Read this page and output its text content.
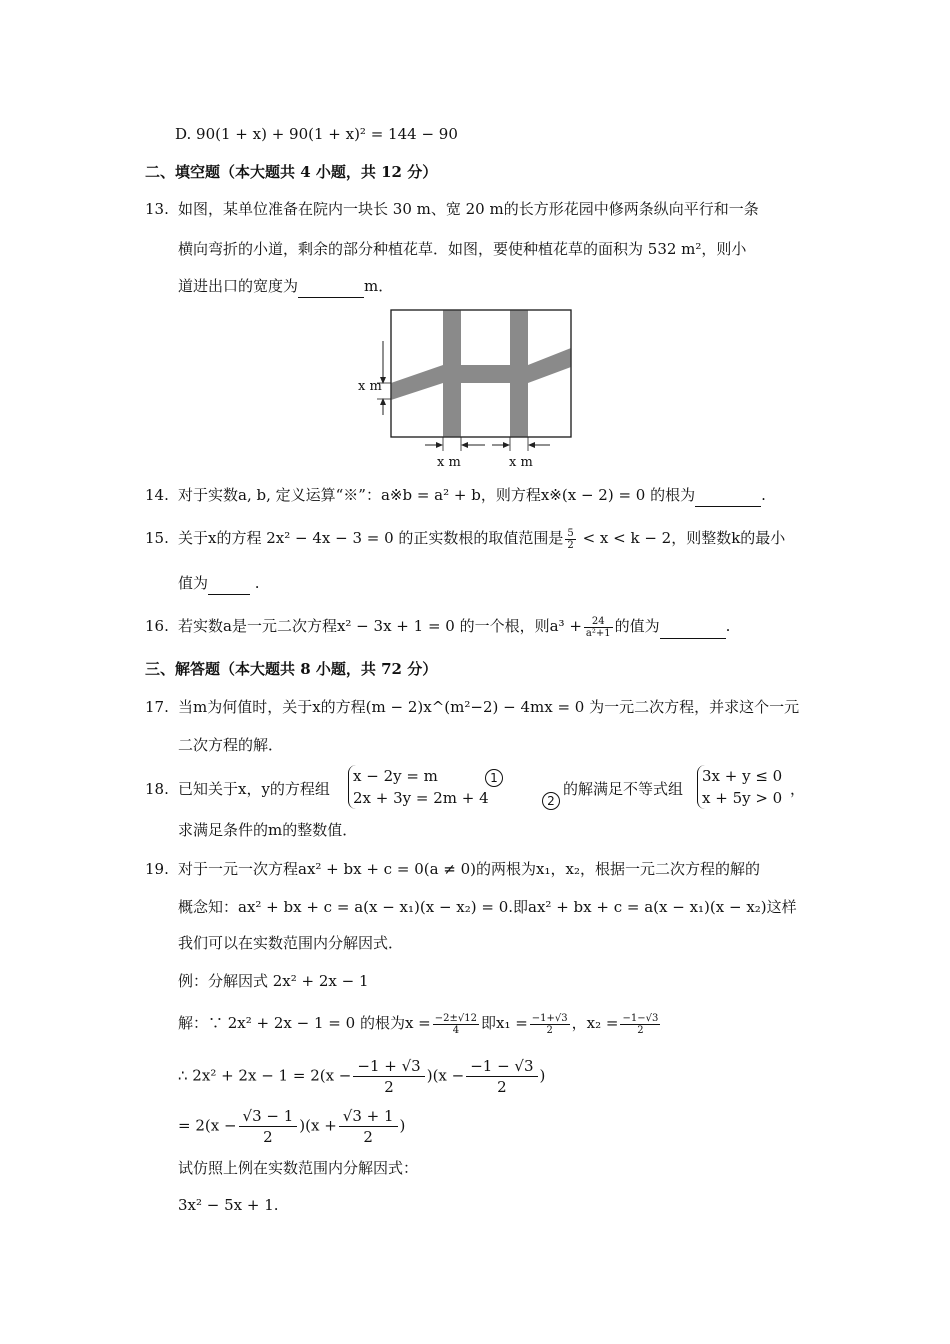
D. 90(1 + x) + 90(1 + x)² = 144 − 90
二、填空题（本大题共 4 小题，共 12 分）
13. 如图，某单位准备在院内一块长 30 m、宽 20 m的长方形花园中修两条纵向平行和一条
横向弯折的小道，剩余的部分种植花草．如图，要使种植花草的面积为 532 m²，则小
道进出口的宽度为	m．
x m
x m	x m
14. 对于实数a, b, 定义运算“※”：a※b = a² + b，则方程x※(x − 2) = 0 的根为	.
15. 关于x的方程 2x² − 4x − 3 = 0 的正实数根的取值范围是 $\frac{5}{2} < x < k - 2$，则整数k的最小
值为	.
16. 若实数a是一元二次方程x² − 3x + 1 = 0 的一个根，则$a^3 + \frac{24}{\text{a²+1}}$ 的值为	.
三、解答题（本大题共 8 小题，共 72 分）
17. 当m为何值时，关于x的方程(m − 2)x^(m²−2) − 4mx = 0 为一元二次方程，并求这个一元
二次方程的解．
18. 已知关于x，y的方程组
x − 2y = m
2x + 3y = 2m + 4
1
2
的解满足不等式组
3x + y ≤ 0
x + 5y > 0 ，
求满足条件的m的整数值．
19. 对于一元一次方程ax² + bx + c = 0(a ≠ 0)的两根为x₁，x₂，根据一元二次方程的解的
概念知：ax² + bx + c = a(x − x₁)(x − x₂) = 0.即ax² + bx + c = a(x − x₁)(x − x₂)这样
我们可以在实数范围内分解因式．
例：分解因式 2x² + 2x − 1
解：∵ 2x² + 2x − 1 = 0 的根为$x = \frac{-2\pm√12}{4}$ 即$x_1 = \frac{-1+√3}{2}$ ，$x_2 = \frac{-1-√3}{2}$
∴ $2x^2 + 2x - 1 = 2(x - \frac{-1 + √3}{2} )(x - \frac{-1 - √3}{2}$ )
= $2(x - \frac{√3 - 1}{2} )(x + \frac{√3 + 1}{2}$ )
试仿照上例在实数范围内分解因式：
3x² − 5x + 1.
